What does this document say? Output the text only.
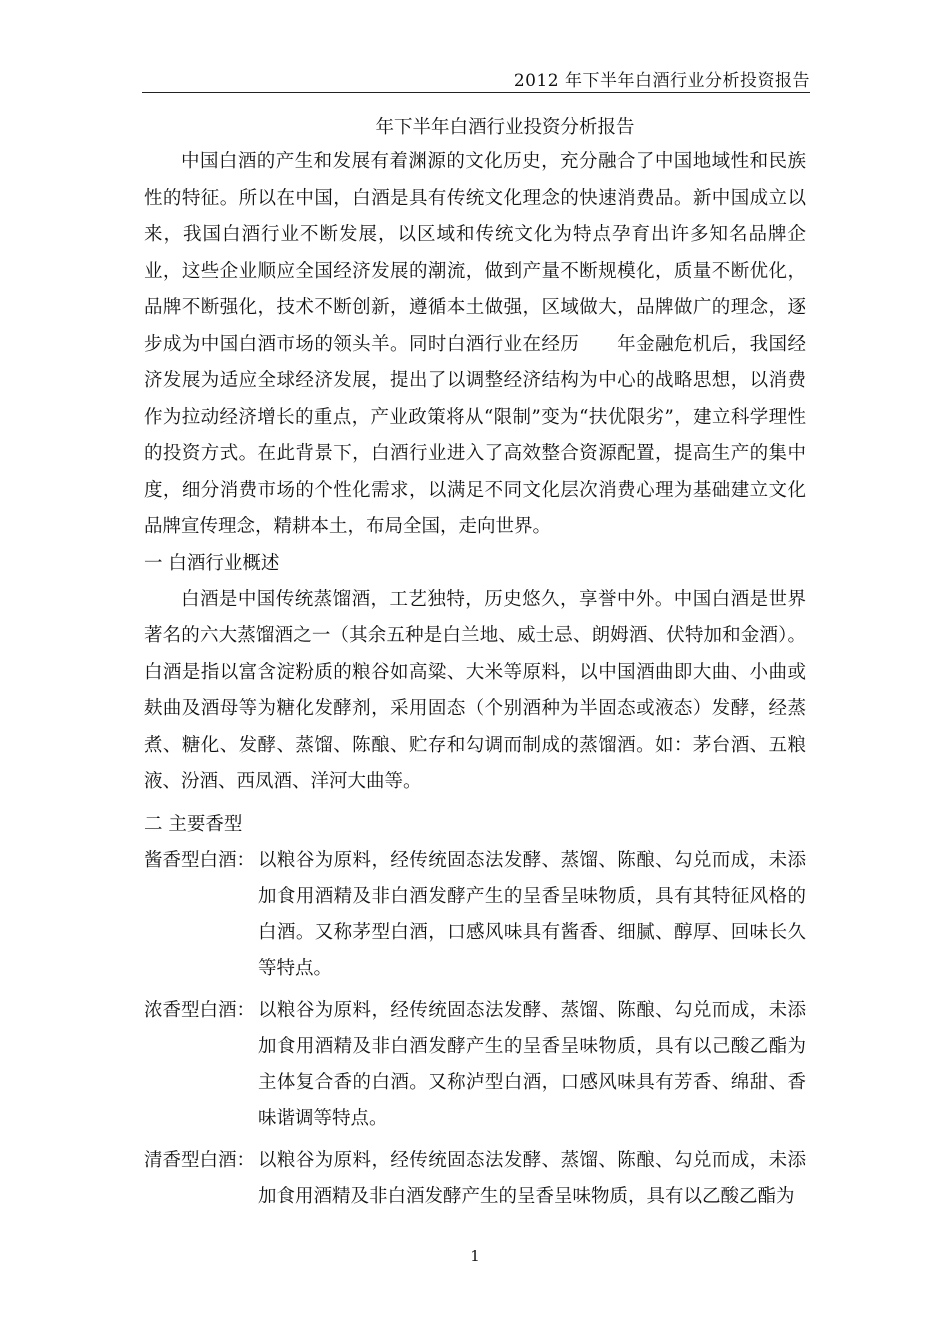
2012 年下半年白酒行业分析投资报告
年下半年白酒行业投资分析报告

中国白酒的产生和发展有着渊源的文化历史，充分融合了中国地域性和民族性的特征。所以在中国，白酒是具有传统文化理念的快速消费品。新中国成立以来，我国白酒行业不断发展，以区域和传统文化为特点孕育出许多知名品牌企业，这些企业顺应全国经济发展的潮流，做到产量不断规模化，质量不断优化，品牌不断强化，技术不断创新，遵循本土做强，区域做大，品牌做广的理念，逐步成为中国白酒市场的领头羊。同时白酒行业在经历　　年金融危机后，我国经济发展为适应全球经济发展，提出了以调整经济结构为中心的战略思想，以消费作为拉动经济增长的重点，产业政策将从“限制”变为“扶优限劣”，建立科学理性的投资方式。在此背景下，白酒行业进入了高效整合资源配置，提高生产的集中度，细分消费市场的个性化需求，以满足不同文化层次消费心理为基础建立文化品牌宣传理念，精耕本土，布局全国，走向世界。

一 白酒行业概述

白酒是中国传统蒸馏酒，工艺独特，历史悠久，享誉中外。中国白酒是世界著名的六大蒸馏酒之一（其余五种是白兰地、威士忌、朗姆酒、伏特加和金酒）。白酒是指以富含淀粉质的粮谷如高粱、大米等原料，以中国酒曲即大曲、小曲或麸曲及酒母等为糖化发酵剂，采用固态（个别酒种为半固态或液态）发酵，经蒸煮、糖化、发酵、蒸馏、陈酿、贮存和勾调而制成的蒸馏酒。如：茅台酒、五粮液、汾酒、西凤酒、洋河大曲等。

二 主要香型

酱香型白酒： 以粮谷为原料，经传统固态法发酵、蒸馏、陈酿、勾兑而成，未添加食用酒精及非白酒发酵产生的呈香呈味物质，具有其特征风格的白酒。又称茅型白酒，口感风味具有酱香、细腻、醇厚、回味长久等特点。
浓香型白酒： 以粮谷为原料，经传统固态法发酵、蒸馏、陈酿、勾兑而成，未添加食用酒精及非白酒发酵产生的呈香呈味物质，具有以己酸乙酯为主体复合香的白酒。又称泸型白酒，口感风味具有芳香、绵甜、香味谐调等特点。
清香型白酒： 以粮谷为原料，经传统固态法发酵、蒸馏、陈酿、勾兑而成，未添加食用酒精及非白酒发酵产生的呈香呈味物质，具有以乙酸乙酯为
1
